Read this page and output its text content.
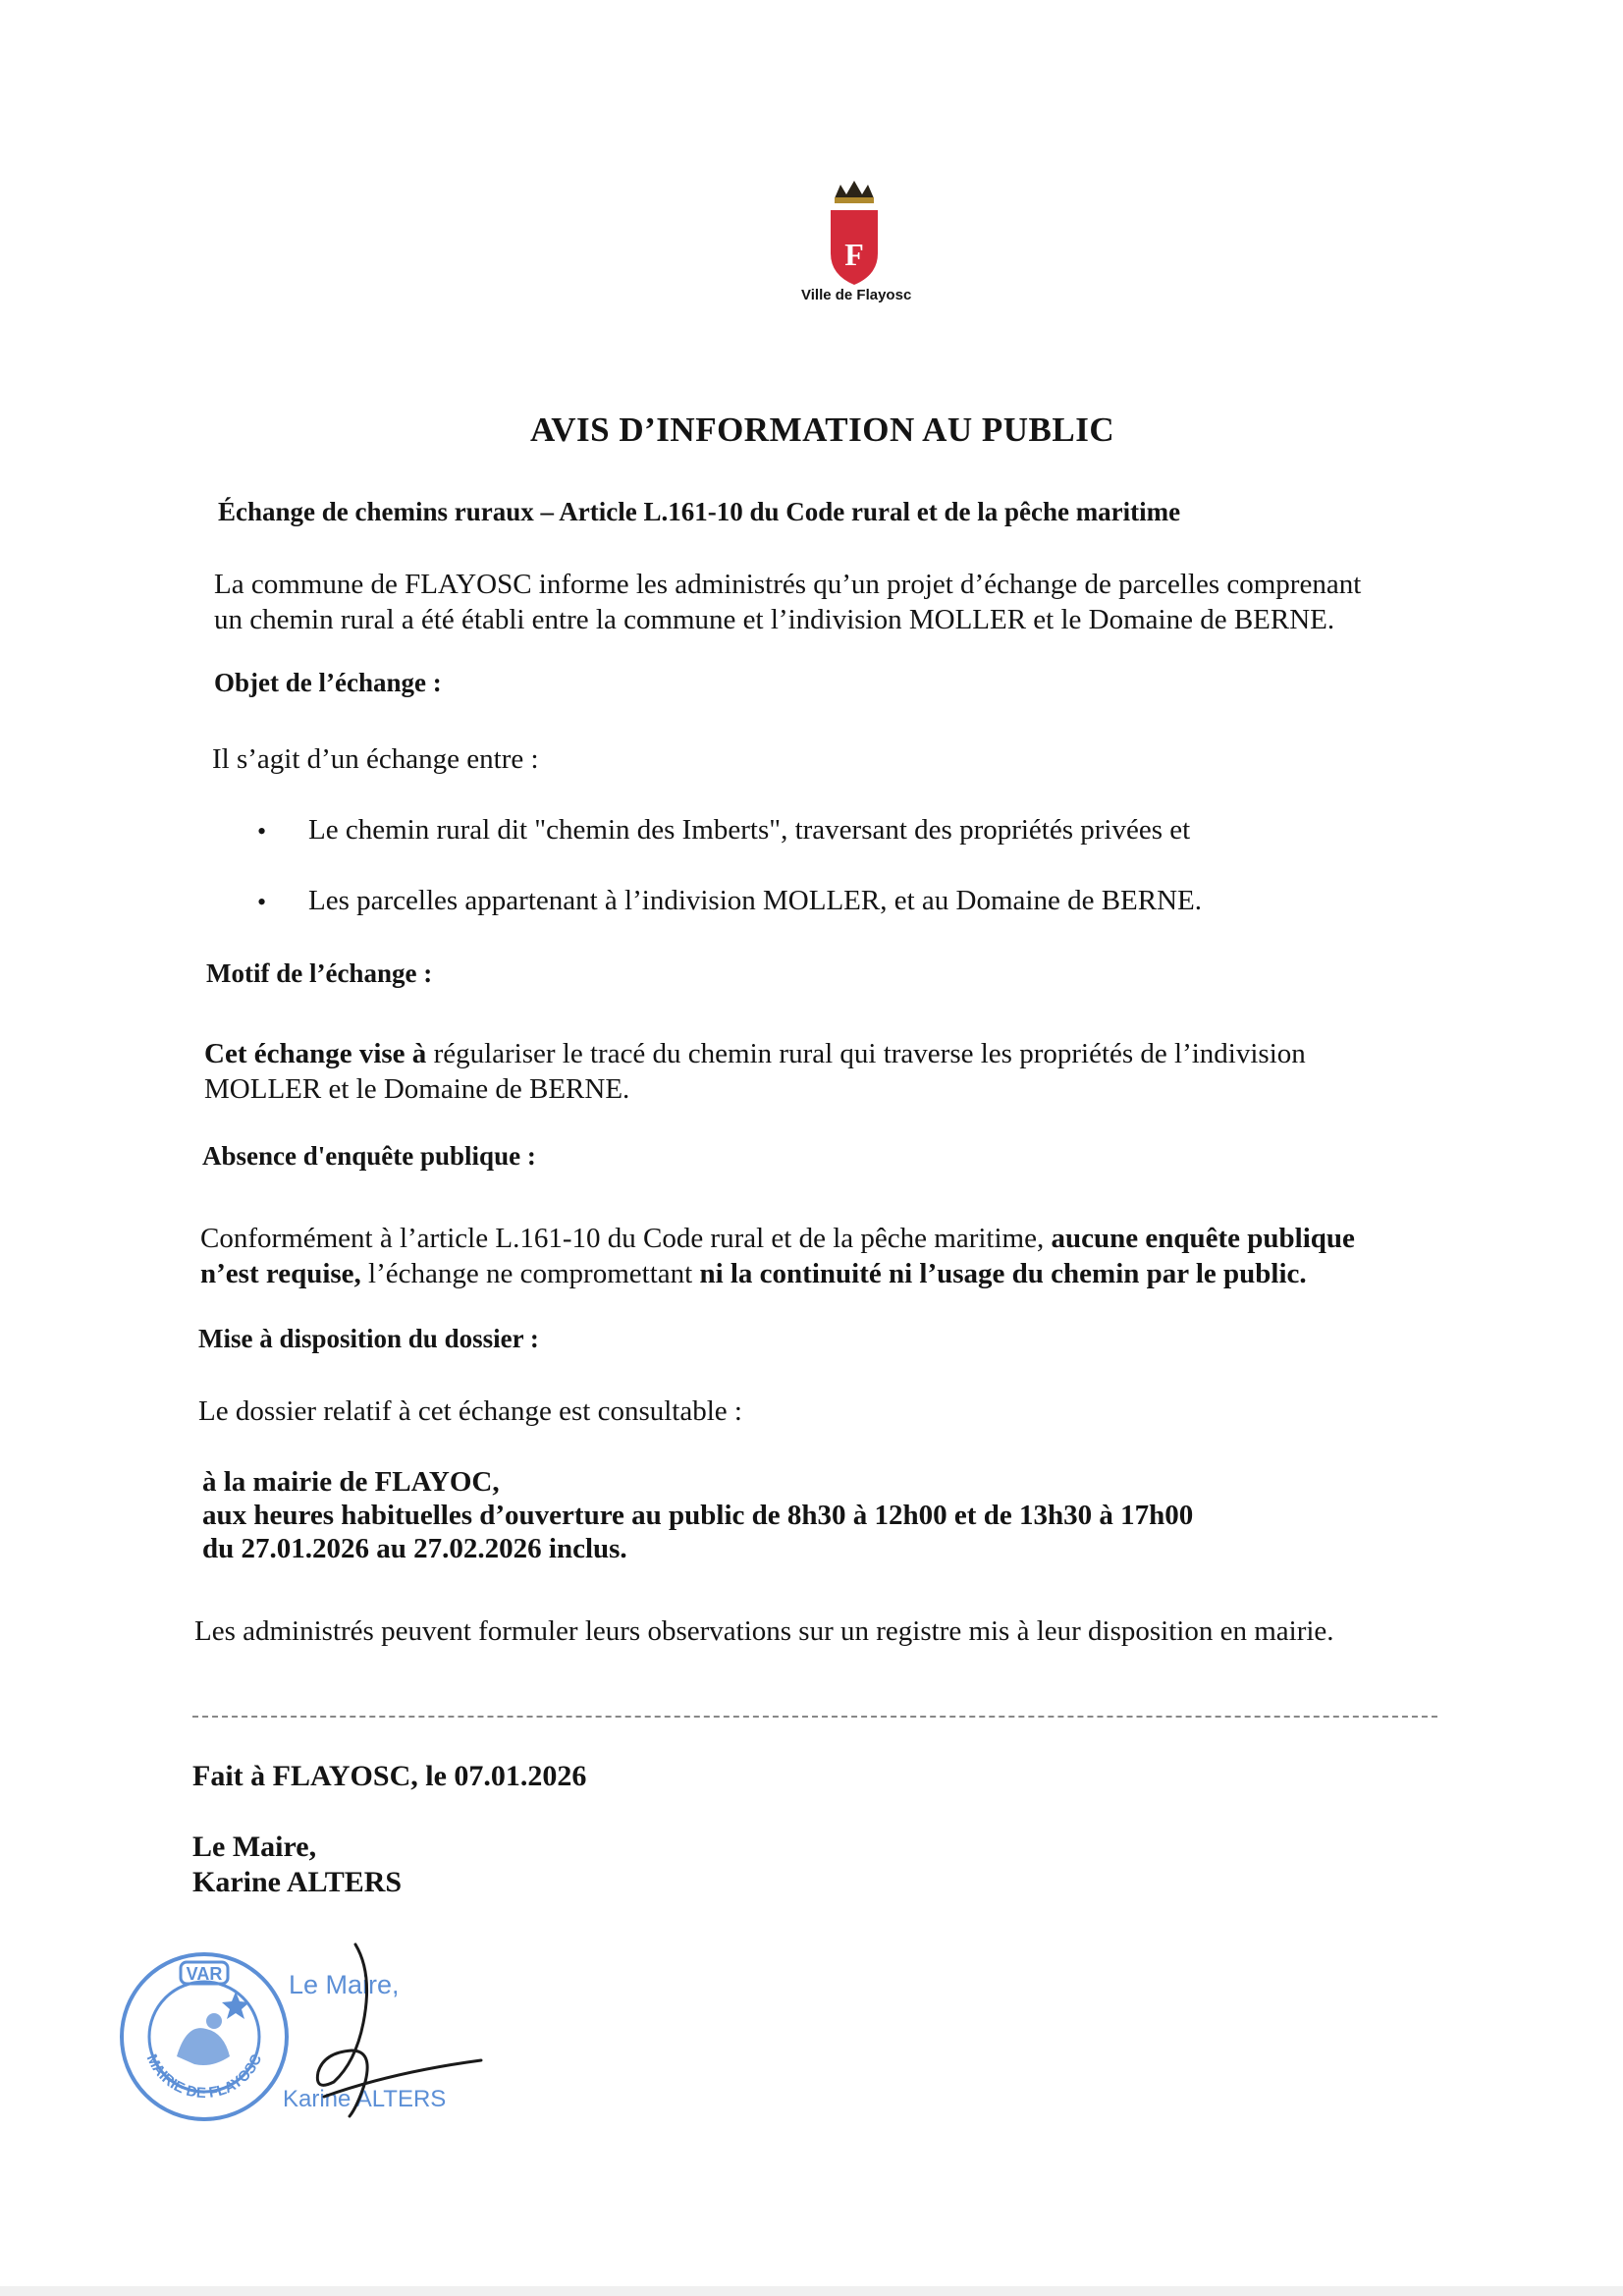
F
Ville de Flayosc
AVIS D’INFORMATION AU PUBLIC
Échange de chemins ruraux – Article L.161-10 du Code rural et de la pêche maritime
La commune de FLAYOSC informe les administrés qu’un projet d’échange de parcelles comprenant
un chemin rural a été établi entre la commune et l’indivision MOLLER et le Domaine de BERNE.
Objet de l’échange :
Il s’agit d’un échange entre :
• Le chemin rural dit "chemin des Imberts", traversant des propriétés privées et
• Les parcelles appartenant à l’indivision MOLLER, et au Domaine de BERNE.
Motif de l’échange :
Cet échange vise à régulariser le tracé du chemin rural qui traverse les propriétés de l’indivision
MOLLER et le Domaine de BERNE.
Absence d'enquête publique :
Conformément à l’article L.161-10 du Code rural et de la pêche maritime, aucune enquête publique
n’est requise, l’échange ne compromettant ni la continuité ni l’usage du chemin par le public.
Mise à disposition du dossier :
Le dossier relatif à cet échange est consultable :
à la mairie de FLAYOC,
aux heures habituelles d’ouverture au public de 8h30 à 12h00 et de 13h30 à 17h00
du 27.01.2026 au 27.02.2026 inclus.
Les administrés peuvent formuler leurs observations sur un registre mis à leur disposition en mairie.
Fait à FLAYOSC, le 07.01.2026
Le Maire,
Karine ALTERS
VAR
MAIRIE DE FLAYOSC
Le Maire,
Karine ALTERS
